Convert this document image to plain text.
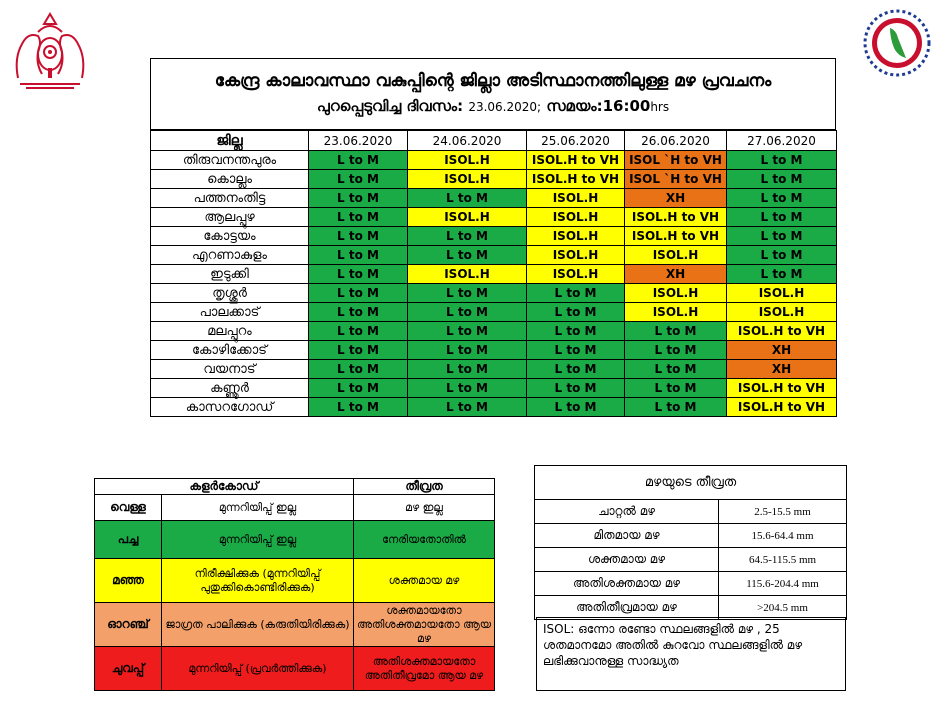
കേന്ദ്ര കാലാവസ്ഥാ വകുപ്പിന്റെ ജില്ലാ അടിസ്ഥാനത്തിലുള്ള മഴ പ്രവചനം
പുറപ്പെടുവിച്ച ദിവസം: 23.06.2020; സമയം:16:00hrs
ജില്ല	23.06.2020	24.06.2020	25.06.2020	26.06.2020	27.06.2020
തിരുവനന്തപുരം	L to M	ISOL.H	ISOL.H to VH	ISOL `H to VH	L to M
കൊല്ലം	L to M	ISOL.H	ISOL.H to VH	ISOL `H to VH	L to M
പത്തനംതിട്ട	L to M	L to M	ISOL.H	XH	L to M
ആലപ്പുഴ	L to M	ISOL.H	ISOL.H	ISOL.H to VH	L to M
കോട്ടയം	L to M	L to M	ISOL.H	ISOL.H to VH	L to M
എറണാകുളം	L to M	L to M	ISOL.H	ISOL.H	L to M
ഇടുക്കി	L to M	ISOL.H	ISOL.H	XH	L to M
തൃശ്ശൂർ	L to M	L to M	L to M	ISOL.H	ISOL.H
പാലക്കാട്	L to M	L to M	L to M	ISOL.H	ISOL.H
മലപ്പുറം	L to M	L to M	L to M	L to M	ISOL.H to VH
കോഴിക്കോട്	L to M	L to M	L to M	L to M	XH
വയനാട്	L to M	L to M	L to M	L to M	XH
കണ്ണൂർ	L to M	L to M	L to M	L to M	ISOL.H to VH
കാസറഗോഡ്	L to M	L to M	L to M	L to M	ISOL.H to VH
കളർകോഡ്		തീവ്രത
വെള്ള	മുന്നറിയിപ്പ് ഇല്ല	മഴ ഇല്ല
പച്ച	മുന്നറിയിപ്പ് ഇല്ല	നേരിയതോതിൽ
മഞ്ഞ	നിരീക്ഷിക്കുക (മുന്നറിയിപ്പ് പുതുക്കികൊണ്ടിരിക്കുക)	ശക്തമായ മഴ
ഓറഞ്ച്	ജാഗ്രത പാലിക്കുക (കരുതിയിരിക്കുക)	ശക്തമായതോ അതിശക്തമായതോ ആയ മഴ
ചുവപ്പ്	മുന്നറിയിപ്പ് (പ്രവർത്തിക്കുക)	അതിശക്തമായതോ അതിതീവ്രമോ ആയ മഴ
മഴയുടെ തീവ്രത	
ചാറ്റൽ മഴ	2.5-15.5 mm
മിതമായ മഴ	15.6-64.4 mm
ശക്തമായ മഴ	64.5-115.5 mm
അതിശക്തമായ മഴ	115.6-204.4 mm
അതിതീവ്രമായ മഴ	>204.5 mm
ISOL: ഒന്നോ രണ്ടോ സ്ഥലങ്ങളിൽ മഴ , 25 ശതമാനമോ അതിൽ കുറവോ സ്ഥലങ്ങളിൽ മഴ ലഭിക്കുവാനുള്ള സാദ്ധ്യത
